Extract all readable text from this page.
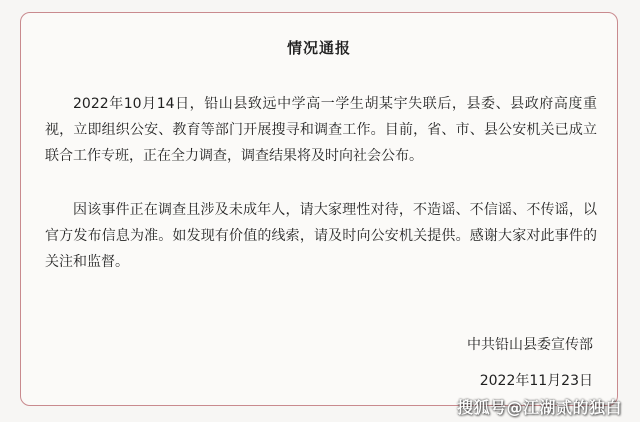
情况通报

2022年10月14日，铅山县致远中学高一学生胡某宇失联后，县委、县政府高度重视，立即组织公安、教育等部门开展搜寻和调查工作。目前，省、市、县公安机关已成立联合工作专班，正在全力调查，调查结果将及时向社会公布。

因该事件正在调查且涉及未成年人，请大家理性对待，不造谣、不信谣、不传谣，以官方发布信息为准。如发现有价值的线索，请及时向公安机关提供。感谢大家对此事件的关注和监督。

中共铅山县委宣传部
2022年11月23日
搜狐号@江湖贰的独白
